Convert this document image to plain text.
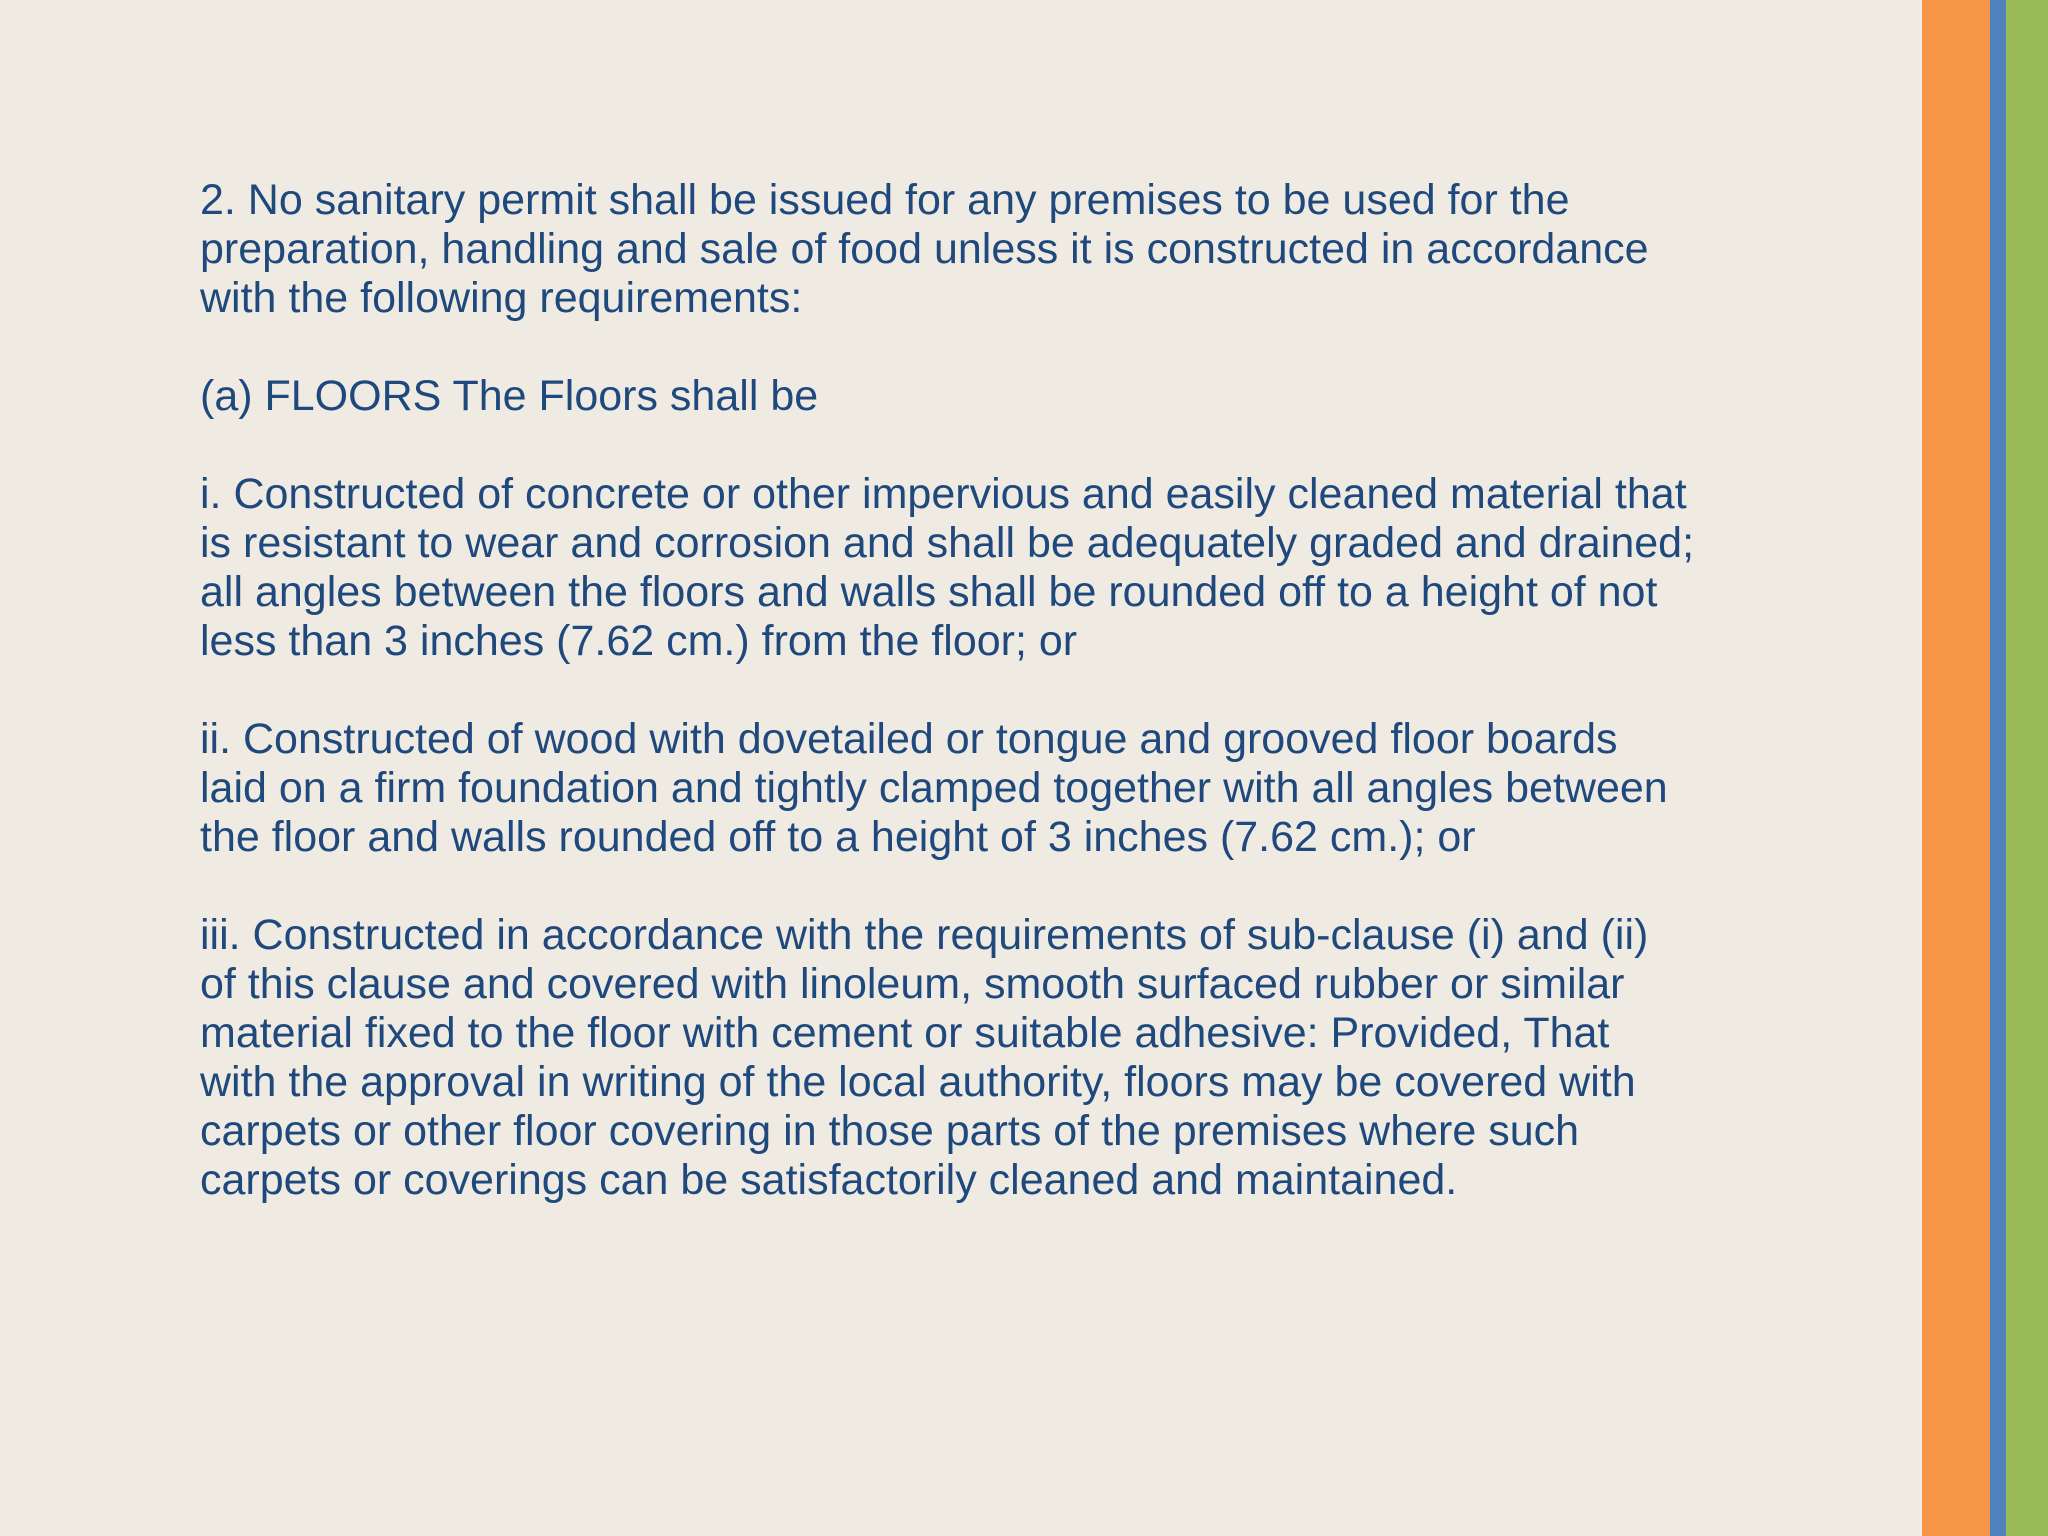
2. No sanitary permit shall be issued for any premises to be used for the
preparation, handling and sale of food unless it is constructed in accordance
with the following requirements:

(a) FLOORS The Floors shall be

i. Constructed of concrete or other impervious and easily cleaned material that
is resistant to wear and corrosion and shall be adequately graded and drained;
all angles between the floors and walls shall be rounded off to a height of not
less than 3 inches (7.62 cm.) from the floor; or

ii. Constructed of wood with dovetailed or tongue and grooved floor boards
laid on a firm foundation and tightly clamped together with all angles between
the floor and walls rounded off to a height of 3 inches (7.62 cm.); or

iii. Constructed in accordance with the requirements of sub-clause (i) and (ii)
of this clause and covered with linoleum, smooth surfaced rubber or similar
material fixed to the floor with cement or suitable adhesive: Provided, That
with the approval in writing of the local authority, floors may be covered with
carpets or other floor covering in those parts of the premises where such
carpets or coverings can be satisfactorily cleaned and maintained.
